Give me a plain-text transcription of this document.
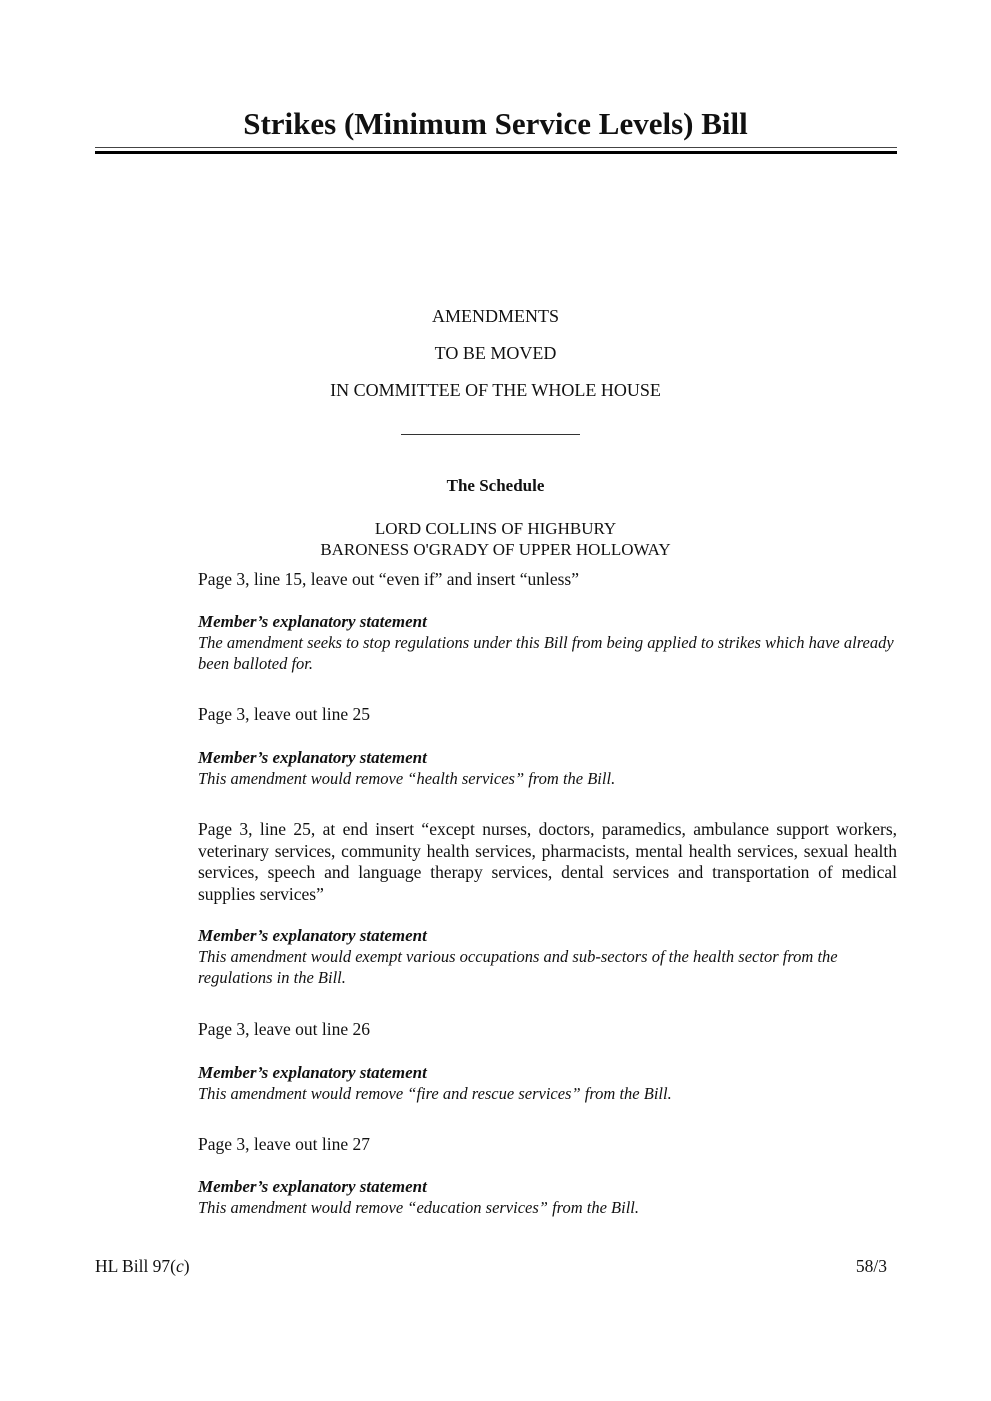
Strikes (Minimum Service Levels) Bill
AMENDMENTS
TO BE MOVED
IN COMMITTEE OF THE WHOLE HOUSE
The Schedule
LORD COLLINS OF HIGHBURY
BARONESS O'GRADY OF UPPER HOLLOWAY

Page 3, line 15, leave out “even if” and insert “unless”

Member’s explanatory statement

The amendment seeks to stop regulations under this Bill from being applied to strikes which have already been balloted for.

Page 3, leave out line 25

Member’s explanatory statement

This amendment would remove “health services” from the Bill.

Page 3, line 25, at end insert “except nurses, doctors, paramedics, ambulance support workers, veterinary services, community health services, pharmacists, mental health services, sexual health services, speech and language therapy services, dental services and transportation of medical supplies services”

Member’s explanatory statement

This amendment would exempt various occupations and sub-sectors of the health sector from the regulations in the Bill.

Page 3, leave out line 26

Member’s explanatory statement

This amendment would remove “fire and rescue services” from the Bill.

Page 3, leave out line 27

Member’s explanatory statement

This amendment would remove “education services” from the Bill.

HL Bill 97(c)	58/3
